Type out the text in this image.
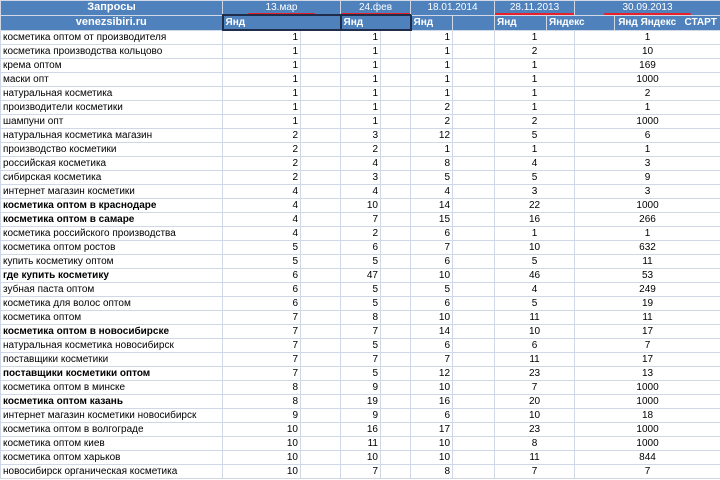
Запросы	13.мар		24.фев		18.01.2014		28.11.2013		30.09.2013	

venezsibiri.ru	Янд		Янд		Янд		Янд	Яндекс		Янд Яндекс СТАРТ
косметика оптом от производителя	1		1		1		1		1	
косметика производства кольцово	1		1		1		2		10	
крема оптом	1		1		1		1		169	
маски опт	1		1		1		1		1000	
натуральная косметика	1		1		1		1		2	
производители косметики	1		1		2		1		1	
шампуни опт	1		1		2		2		1000	
натуральная косметика магазин	2		3		12		5		6	
производство косметики	2		2		1		1		1	
российская косметика	2		4		8		4		3	
сибирская косметика	2		3		5		5		9	
интернет магазин косметики	4		4		4		3		3	
косметика оптом в краснодаре	4		10		14		22		1000	
косметика оптом в самаре	4		7		15		16		266	
косметика российского производства	4		2		6		1		1	
косметика оптом ростов	5		6		7		10		632	
купить косметику оптом	5		5		6		5		11	
где купить косметику	6		47		10		46		53	
зубная паста оптом	6		5		5		4		249	
косметика для волос оптом	6		5		6		5		19	
косметика оптом	7		8		10		11		11	
косметика оптом в новосибирске	7		7		14		10		17	
натуральная косметика новосибирск	7		5		6		6		7	
поставщики косметики	7		7		7		11		17	
поставщики косметики оптом	7		5		12		23		13	
косметика оптом в минске	8		9		10		7		1000	
косметика оптом казань	8		19		16		20		1000	
интернет магазин косметики новосибирск	9		9		6		10		18	
косметика оптом в волгограде	10		16		17		23		1000	
косметика оптом киев	10		11		10		8		1000	
косметика оптом харьков	10		10		10		11		844	
новосибирск органическая косметика	10		7		8		7		7	
